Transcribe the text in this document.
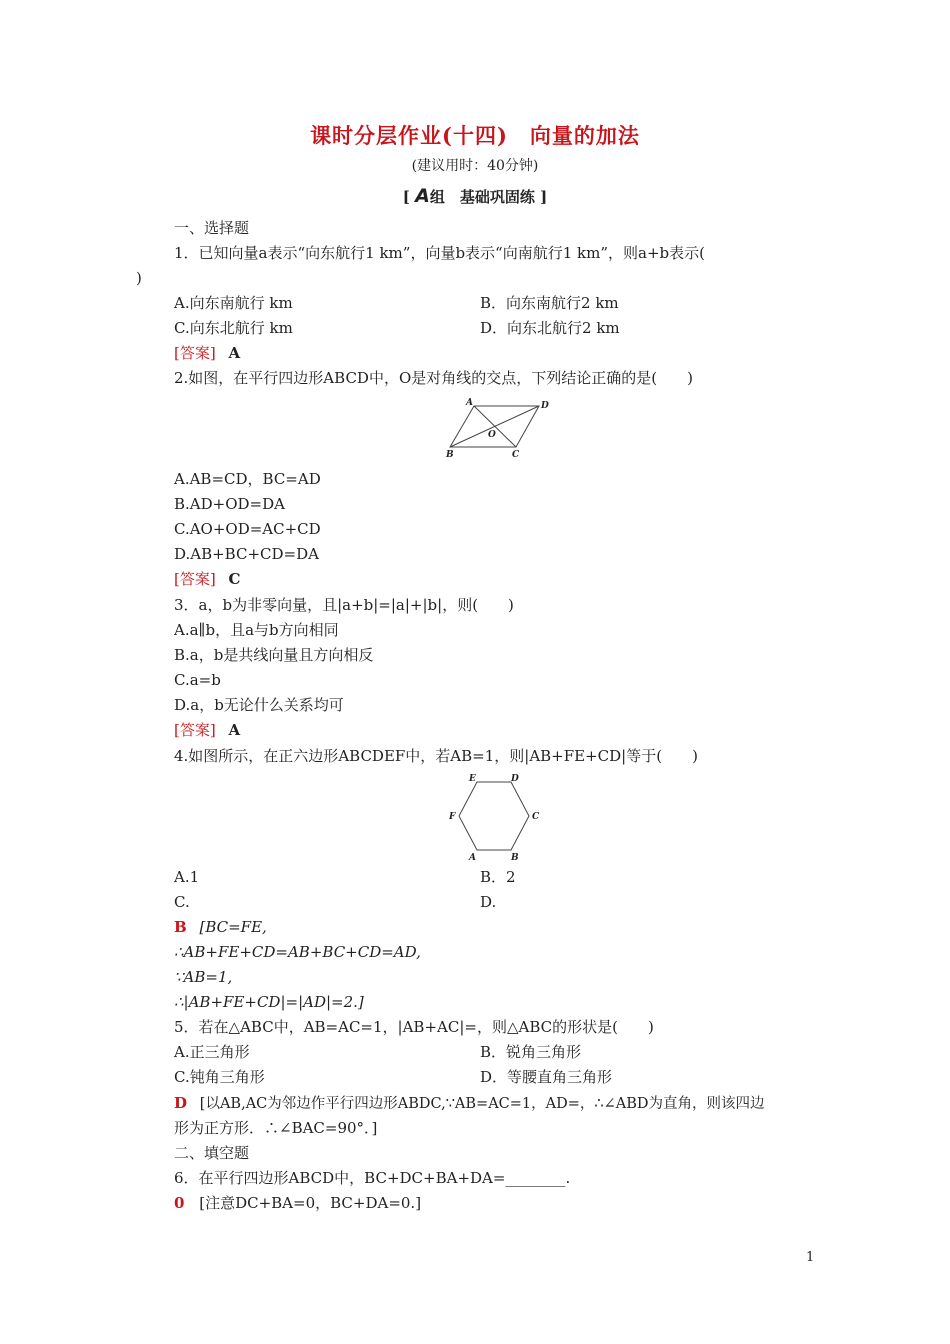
课时分层作业(十四)　向量的加法
(建议用时：40分钟)
[ A组　基础巩固练 ]
一、选择题
1．已知向量a表示“向东航行1 km”，向量b表示“向南航行1 km”，则a+b表示(
)
A.向东南航行 km	B．向东南航行2 km
C.向东北航行 km	D．向东北航行2 km
[答案] A
2.如图，在平行四边形ABCD中，O是对角线的交点，下列结论正确的是(　　)
A	D
O
B	C
A.AB=CD，BC=AD
B.AD+OD=DA
C.AO+OD=AC+CD
D.AB+BC+CD=DA
[答案] C
3．a，b为非零向量，且|a+b|=|a|+|b|，则(　　)
A.a∥b，且a与b方向相同
B.a，b是共线向量且方向相反
C.a=b
D.a，b无论什么关系均可
[答案] A
4.如图所示，在正六边形ABCDEF中，若AB=1，则|AB+FE+CD|等于(　　)
E	D
F	C
A	B
A.1	B．2
C.	D.
B [BC=FE,
∴AB+FE+CD=AB+BC+CD=AD,
∵AB=1,
∴|AB+FE+CD|=|AD|=2.]
5．若在△ABC中，AB=AC=1，|AB+AC|=，则△ABC的形状是(　　)
A.正三角形	B．锐角三角形
C.钝角三角形	D．等腰直角三角形
D [以AB,AC为邻边作平行四边形ABDC,∵AB=AC=1，AD=，∴∠ABD为直角，则该四边
形为正方形．∴∠BAC=90°．]
二、填空题
6．在平行四边形ABCD中，BC+DC+BA+DA=________.
0 [注意DC+BA=0，BC+DA=0.]
1
